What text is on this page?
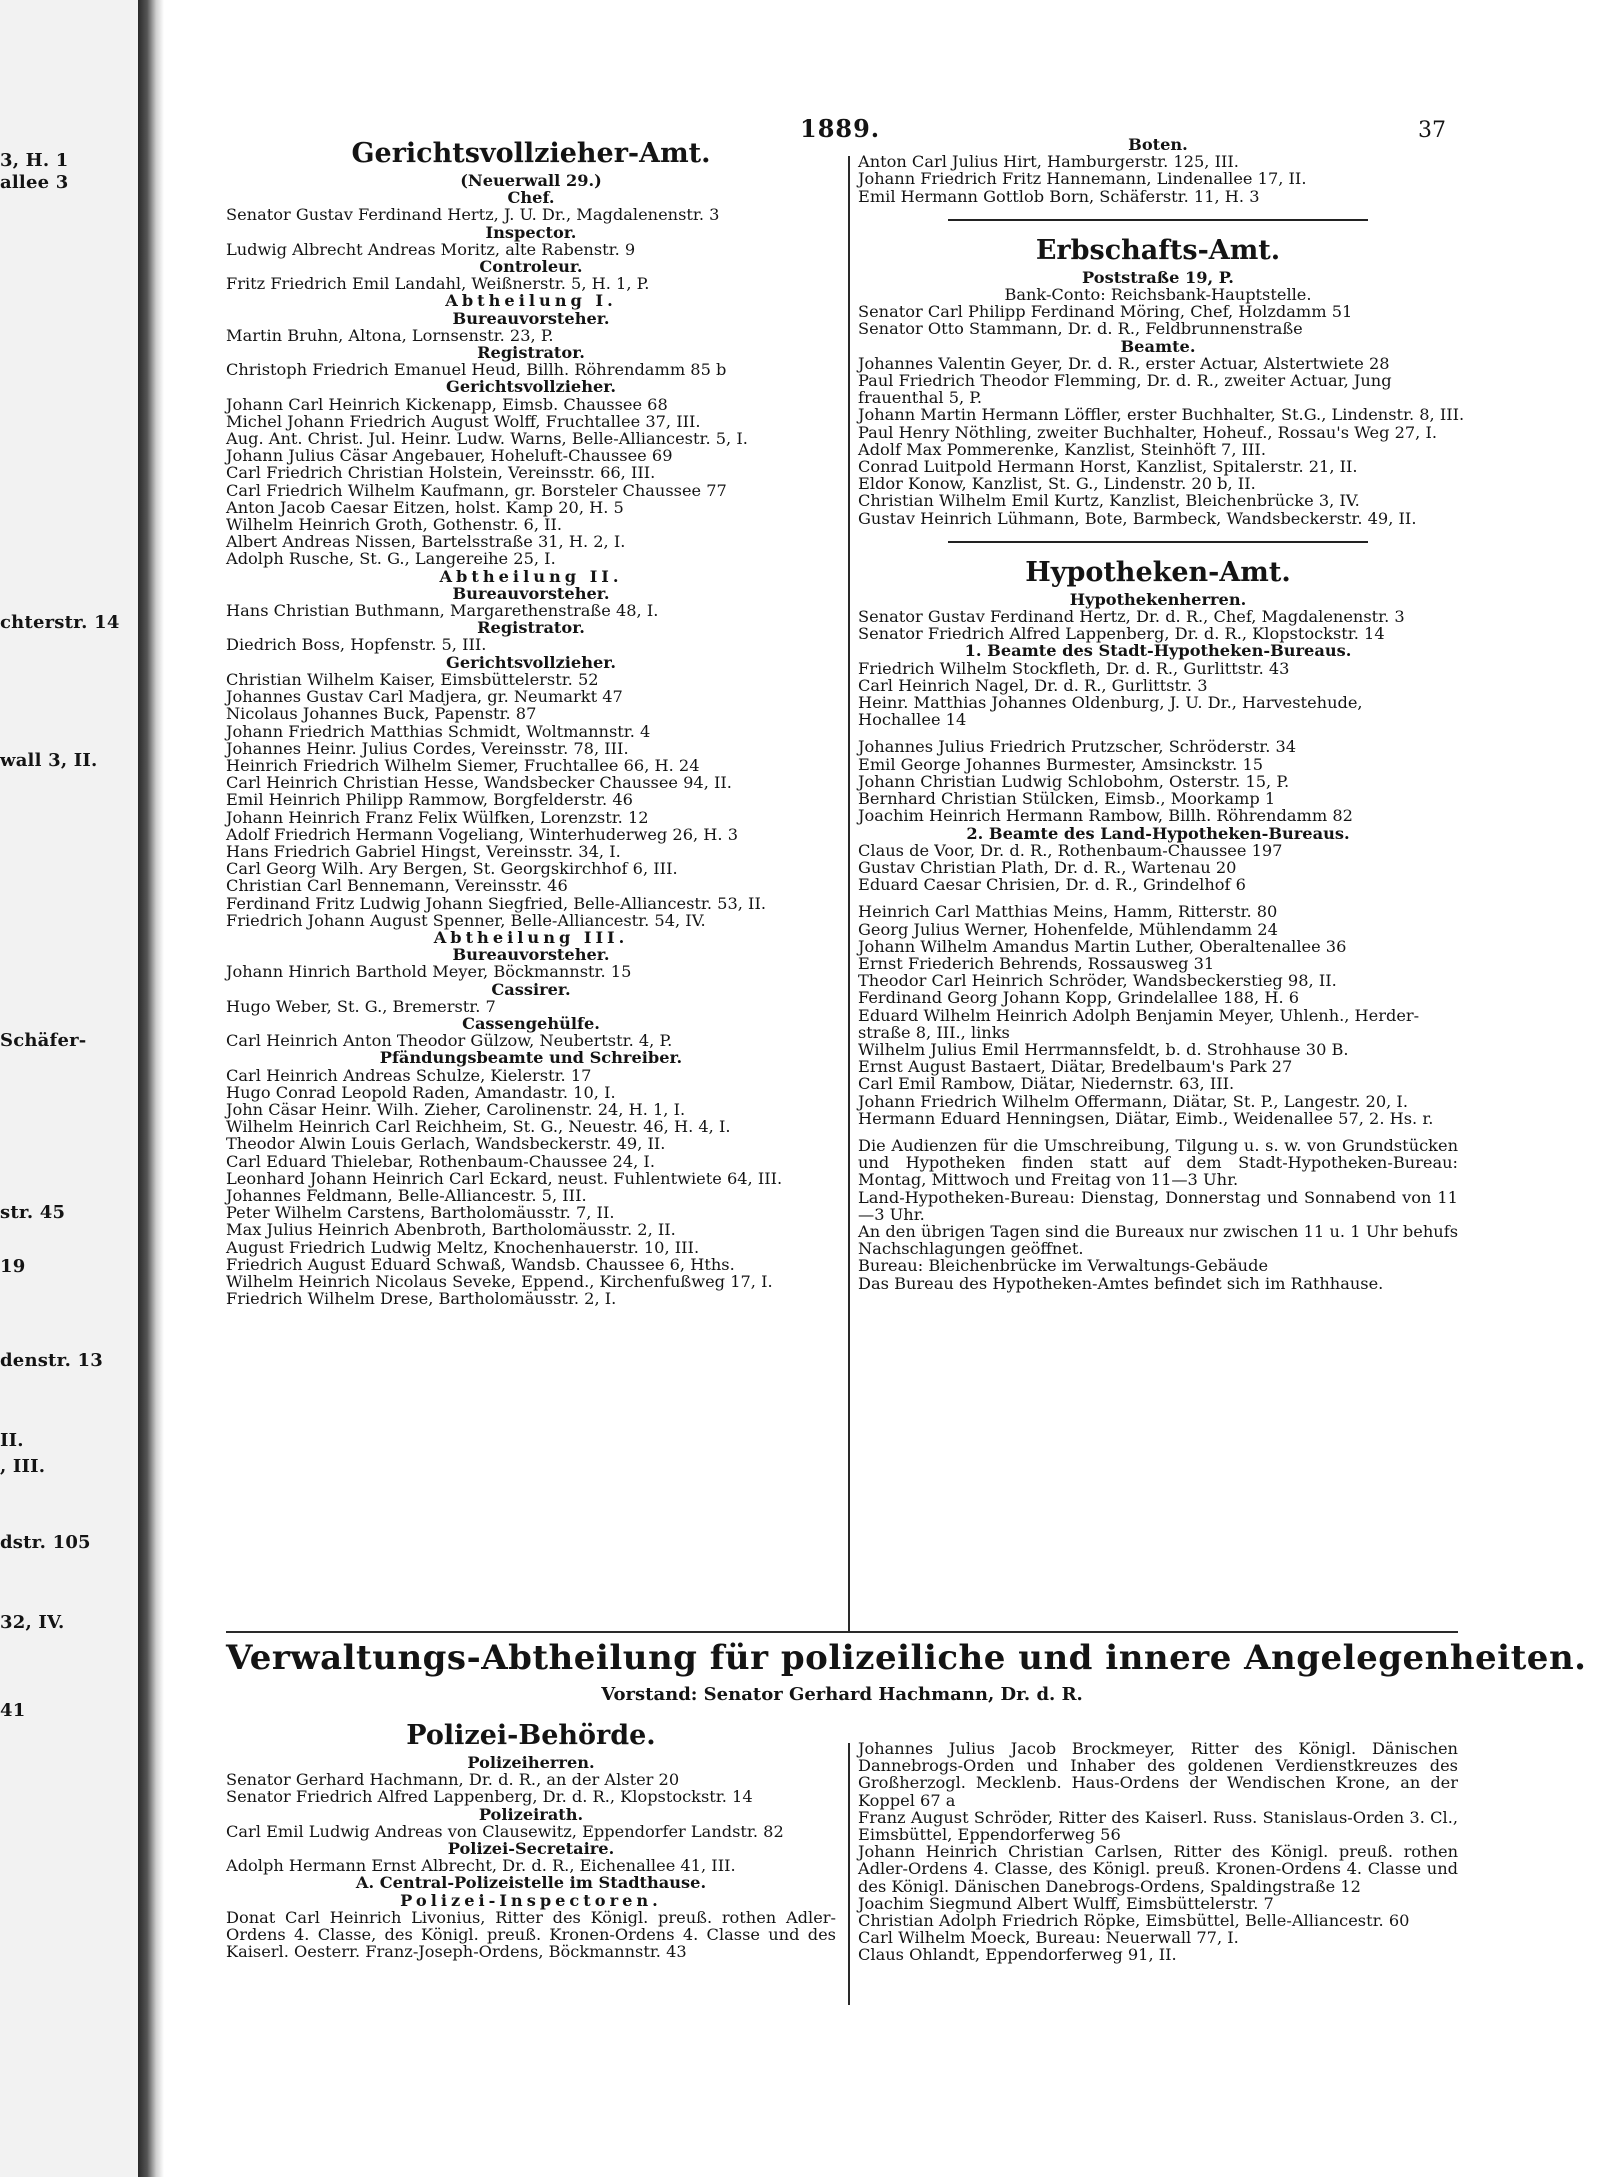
3, H. 1
allee 3
chterstr. 14
wall 3, II.
Schäfer-
str. 45
19
denstr. 13
II.
, III.
dstr. 105
32, IV.
41
1889.	37
Gerichtsvollzieher-Amt.
(Neuerwall 29.)
Chef.
Senator Gustav Ferdinand Hertz, J. U. Dr., Magdalenenstr. 3
Inspector.
Ludwig Albrecht Andreas Moritz, alte Rabenstr. 9
Controleur.
Fritz Friedrich Emil Landahl, Weißnerstr. 5, H. 1, P.
Abtheilung I.
Bureauvorsteher.
Martin Bruhn, Altona, Lornsenstr. 23, P.
Registrator.
Christoph Friedrich Emanuel Heud, Billh. Röhrendamm 85 b
Gerichtsvollzieher.
Johann Carl Heinrich Kickenapp, Eimsb. Chaussee 68
Michel Johann Friedrich August Wolff, Fruchtallee 37, III.
Aug. Ant. Christ. Jul. Heinr. Ludw. Warns, Belle-Alliancestr. 5, I.
Johann Julius Cäsar Angebauer, Hoheluft-Chaussee 69
Carl Friedrich Christian Holstein, Vereinsstr. 66, III.
Carl Friedrich Wilhelm Kaufmann, gr. Borsteler Chaussee 77
Anton Jacob Caesar Eitzen, holst. Kamp 20, H. 5
Wilhelm Heinrich Groth, Gothenstr. 6, II.
Albert Andreas Nissen, Bartelsstraße 31, H. 2, I.
Adolph Rusche, St. G., Langereihe 25, I.
Abtheilung II.
Bureauvorsteher.
Hans Christian Buthmann, Margarethenstraße 48, I.
Registrator.
Diedrich Boss, Hopfenstr. 5, III.
Gerichtsvollzieher.
Christian Wilhelm Kaiser, Eimsbüttelerstr. 52
Johannes Gustav Carl Madjera, gr. Neumarkt 47
Nicolaus Johannes Buck, Papenstr. 87
Johann Friedrich Matthias Schmidt, Woltmannstr. 4
Johannes Heinr. Julius Cordes, Vereinsstr. 78, III.
Heinrich Friedrich Wilhelm Siemer, Fruchtallee 66, H. 24
Carl Heinrich Christian Hesse, Wandsbecker Chaussee 94, II.
Emil Heinrich Philipp Rammow, Borgfelderstr. 46
Johann Heinrich Franz Felix Wülfken, Lorenzstr. 12
Adolf Friedrich Hermann Vogeliang, Winterhuderweg 26, H. 3
Hans Friedrich Gabriel Hingst, Vereinsstr. 34, I.
Carl Georg Wilh. Ary Bergen, St. Georgskirchhof 6, III.
Christian Carl Bennemann, Vereinsstr. 46
Ferdinand Fritz Ludwig Johann Siegfried, Belle-Alliancestr. 53, II.
Friedrich Johann August Spenner, Belle-Alliancestr. 54, IV.
Abtheilung III.
Bureauvorsteher.
Johann Hinrich Barthold Meyer, Böckmannstr. 15
Cassirer.
Hugo Weber, St. G., Bremerstr. 7
Cassengehülfe.
Carl Heinrich Anton Theodor Gülzow, Neubertstr. 4, P.
Pfändungsbeamte und Schreiber.
Carl Heinrich Andreas Schulze, Kielerstr. 17
Hugo Conrad Leopold Raden, Amandastr. 10, I.
John Cäsar Heinr. Wilh. Zieher, Carolinenstr. 24, H. 1, I.
Wilhelm Heinrich Carl Reichheim, St. G., Neuestr. 46, H. 4, I.
Theodor Alwin Louis Gerlach, Wandsbeckerstr. 49, II.
Carl Eduard Thielebar, Rothenbaum-Chaussee 24, I.
Leonhard Johann Heinrich Carl Eckard, neust. Fuhlentwiete 64, III.
Johannes Feldmann, Belle-Alliancestr. 5, III.
Peter Wilhelm Carstens, Bartholomäusstr. 7, II.
Max Julius Heinrich Abenbroth, Bartholomäusstr. 2, II.
August Friedrich Ludwig Meltz, Knochenhauerstr. 10, III.
Friedrich August Eduard Schwaß, Wandsb. Chaussee 6, Hths.
Wilhelm Heinrich Nicolaus Seveke, Eppend., Kirchenfußweg 17, I.
Friedrich Wilhelm Drese, Bartholomäusstr. 2, I.
Boten.
Anton Carl Julius Hirt, Hamburgerstr. 125, III.
Johann Friedrich Fritz Hannemann, Lindenallee 17, II.
Emil Hermann Gottlob Born, Schäferstr. 11, H. 3
Erbschafts-Amt.
Poststraße 19, P.
Bank-Conto: Reichsbank-Hauptstelle.
Senator Carl Philipp Ferdinand Möring, Chef, Holzdamm 51
Senator Otto Stammann, Dr. d. R., Feldbrunnenstraße
Beamte.
Johannes Valentin Geyer, Dr. d. R., erster Actuar, Alstertwiete 28
Paul Friedrich Theodor Flemming, Dr. d. R., zweiter Actuar, Jung
frauenthal 5, P.
Johann Martin Hermann Löffler, erster Buchhalter, St.G., Lindenstr. 8, III.
Paul Henry Nöthling, zweiter Buchhalter, Hoheuf., Rossau's Weg 27, I.
Adolf Max Pommerenke, Kanzlist, Steinhöft 7, III.
Conrad Luitpold Hermann Horst, Kanzlist, Spitalerstr. 21, II.
Eldor Konow, Kanzlist, St. G., Lindenstr. 20 b, II.
Christian Wilhelm Emil Kurtz, Kanzlist, Bleichenbrücke 3, IV.
Gustav Heinrich Lühmann, Bote, Barmbeck, Wandsbeckerstr. 49, II.
Hypotheken-Amt.
Hypothekenherren.
Senator Gustav Ferdinand Hertz, Dr. d. R., Chef, Magdalenenstr. 3
Senator Friedrich Alfred Lappenberg, Dr. d. R., Klopstockstr. 14
1. Beamte des Stadt-Hypotheken-Bureaus.
Friedrich Wilhelm Stockfleth, Dr. d. R., Gurlittstr. 43
Carl Heinrich Nagel, Dr. d. R., Gurlittstr. 3
Heinr. Matthias Johannes Oldenburg, J. U. Dr., Harvestehude,
Hochallee 14
Johannes Julius Friedrich Prutzscher, Schröderstr. 34
Emil George Johannes Burmester, Amsinckstr. 15
Johann Christian Ludwig Schlobohm, Osterstr. 15, P.
Bernhard Christian Stülcken, Eimsb., Moorkamp 1
Joachim Heinrich Hermann Rambow, Billh. Röhrendamm 82
2. Beamte des Land-Hypotheken-Bureaus.
Claus de Voor, Dr. d. R., Rothenbaum-Chaussee 197
Gustav Christian Plath, Dr. d. R., Wartenau 20
Eduard Caesar Chrisien, Dr. d. R., Grindelhof 6
Heinrich Carl Matthias Meins, Hamm, Ritterstr. 80
Georg Julius Werner, Hohenfelde, Mühlendamm 24
Johann Wilhelm Amandus Martin Luther, Oberaltenallee 36
Ernst Friederich Behrends, Rossausweg 31
Theodor Carl Heinrich Schröder, Wandsbeckerstieg 98, II.
Ferdinand Georg Johann Kopp, Grindelallee 188, H. 6
Eduard Wilhelm Heinrich Adolph Benjamin Meyer, Uhlenh., Herder-
straße 8, III., links
Wilhelm Julius Emil Herrmannsfeldt, b. d. Strohhause 30 B.
Ernst August Bastaert, Diätar, Bredelbaum's Park 27
Carl Emil Rambow, Diätar, Niedernstr. 63, III.
Johann Friedrich Wilhelm Offermann, Diätar, St. P., Langestr. 20, I.
Hermann Eduard Henningsen, Diätar, Eimb., Weidenallee 57, 2. Hs. r.
Die Audienzen für die Umschreibung, Tilgung u. s. w. von Grundstücken und Hypotheken finden statt auf dem Stadt-Hypotheken-Bureau: Montag, Mittwoch und Freitag von 11—3 Uhr.
Land-Hypotheken-Bureau: Dienstag, Donnerstag und Sonnabend von 11—3 Uhr.
An den übrigen Tagen sind die Bureaux nur zwischen 11 u. 1 Uhr behufs Nachschlagungen geöffnet.
Bureau: Bleichenbrücke im Verwaltungs-Gebäude
Das Bureau des Hypotheken-Amtes befindet sich im Rathhause.
Verwaltungs-Abtheilung für polizeiliche und innere Angelegenheiten.
Vorstand: Senator Gerhard Hachmann, Dr. d. R.
Polizei-Behörde.
Polizeiherren.
Senator Gerhard Hachmann, Dr. d. R., an der Alster 20
Senator Friedrich Alfred Lappenberg, Dr. d. R., Klopstockstr. 14
Polizeirath.
Carl Emil Ludwig Andreas von Clausewitz, Eppendorfer Landstr. 82
Polizei-Secretaire.
Adolph Hermann Ernst Albrecht, Dr. d. R., Eichenallee 41, III.
A. Central-Polizeistelle im Stadthause.
Polizei-Inspectoren.
Donat Carl Heinrich Livonius, Ritter des Königl. preuß. rothen Adler-Ordens 4. Classe, des Königl. preuß. Kronen-Ordens 4. Classe und des Kaiserl. Oesterr. Franz-Joseph-Ordens, Böckmannstr. 43
Johannes Julius Jacob Brockmeyer, Ritter des Königl. Dänischen Dannebrogs-Orden und Inhaber des goldenen Verdienstkreuzes des Großherzogl. Mecklenb. Haus-Ordens der Wendischen Krone, an der Koppel 67 a
Franz August Schröder, Ritter des Kaiserl. Russ. Stanislaus-Orden 3. Cl., Eimsbüttel, Eppendorferweg 56
Johann Heinrich Christian Carlsen, Ritter des Königl. preuß. rothen Adler-Ordens 4. Classe, des Königl. preuß. Kronen-Ordens 4. Classe und des Königl. Dänischen Danebrogs-Ordens, Spaldingstraße 12
Joachim Siegmund Albert Wulff, Eimsbüttelerstr. 7
Christian Adolph Friedrich Röpke, Eimsbüttel, Belle-Alliancestr. 60
Carl Wilhelm Moeck, Bureau: Neuerwall 77, I.
Claus Ohlandt, Eppendorferweg 91, II.
